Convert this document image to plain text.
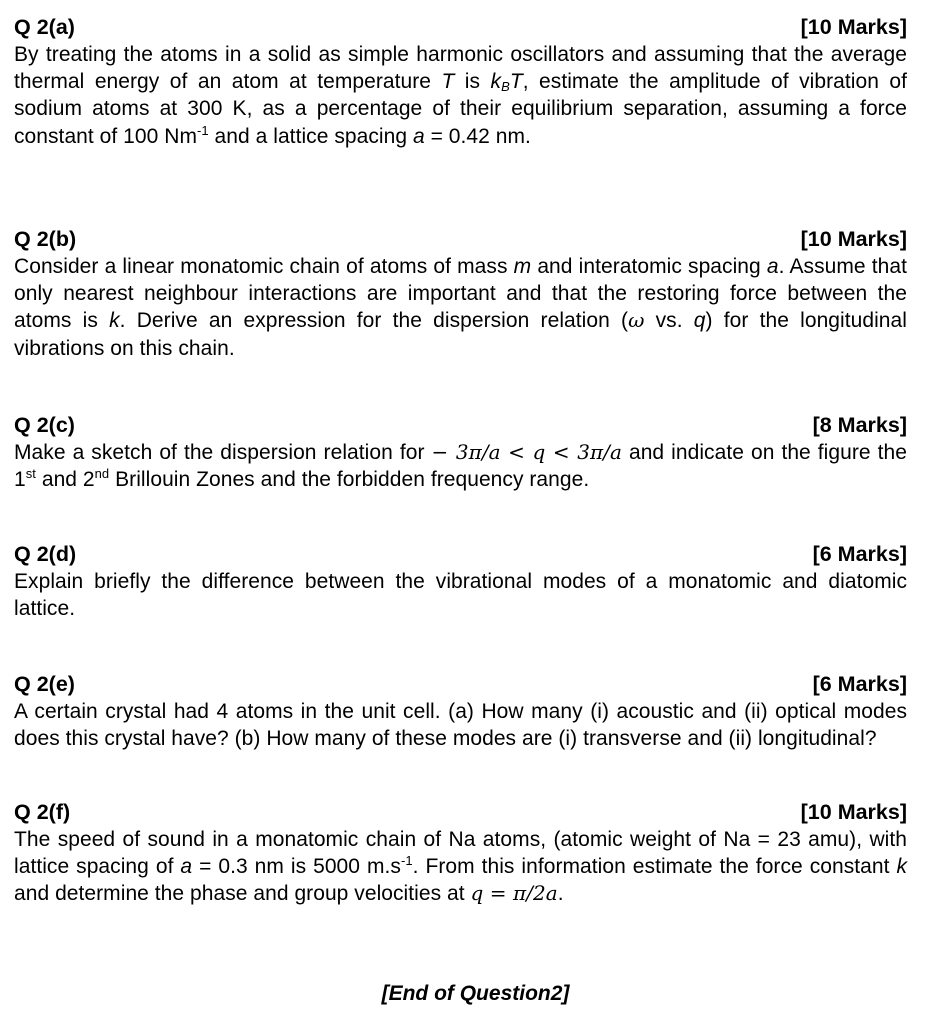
Q 2(a)	[10 Marks]
By treating the atoms in a solid as simple harmonic oscillators and assuming that the average thermal energy of an atom at temperature T is $k_BT$, estimate the amplitude of vibration of sodium atoms at 300 K, as a percentage of their equilibrium separation, assuming a force constant of 100 $Nm^{-1}$ and a lattice spacing a = 0.42 nm.
Q 2(b)	[10 Marks]
Consider a linear monatomic chain of atoms of mass m and interatomic spacing a. Assume that only nearest neighbour interactions are important and that the restoring force between the atoms is k. Derive an expression for the dispersion relation (ω vs. q) for the longitudinal vibrations on this chain.
Q 2(c)	[8 Marks]
Make a sketch of the dispersion relation for − 3π/a < q < 3π/a and indicate on the figure the 1st and 2nd Brillouin Zones and the forbidden frequency range.
Q 2(d)	[6 Marks]
Explain briefly the difference between the vibrational modes of a monatomic and diatomic lattice.
Q 2(e)	[6 Marks]
A certain crystal had 4 atoms in the unit cell. (a) How many (i) acoustic and (ii) optical modes does this crystal have? (b) How many of these modes are (i) transverse and (ii) longitudinal?
Q 2(f)	[10 Marks]
The speed of sound in a monatomic chain of Na atoms, (atomic weight of Na = 23 amu), with lattice spacing of a = 0.3 nm is 5000 $m.s^{-1}$. From this information estimate the force constant k and determine the phase and group velocities at q = π/2a.
[End of Question2]
